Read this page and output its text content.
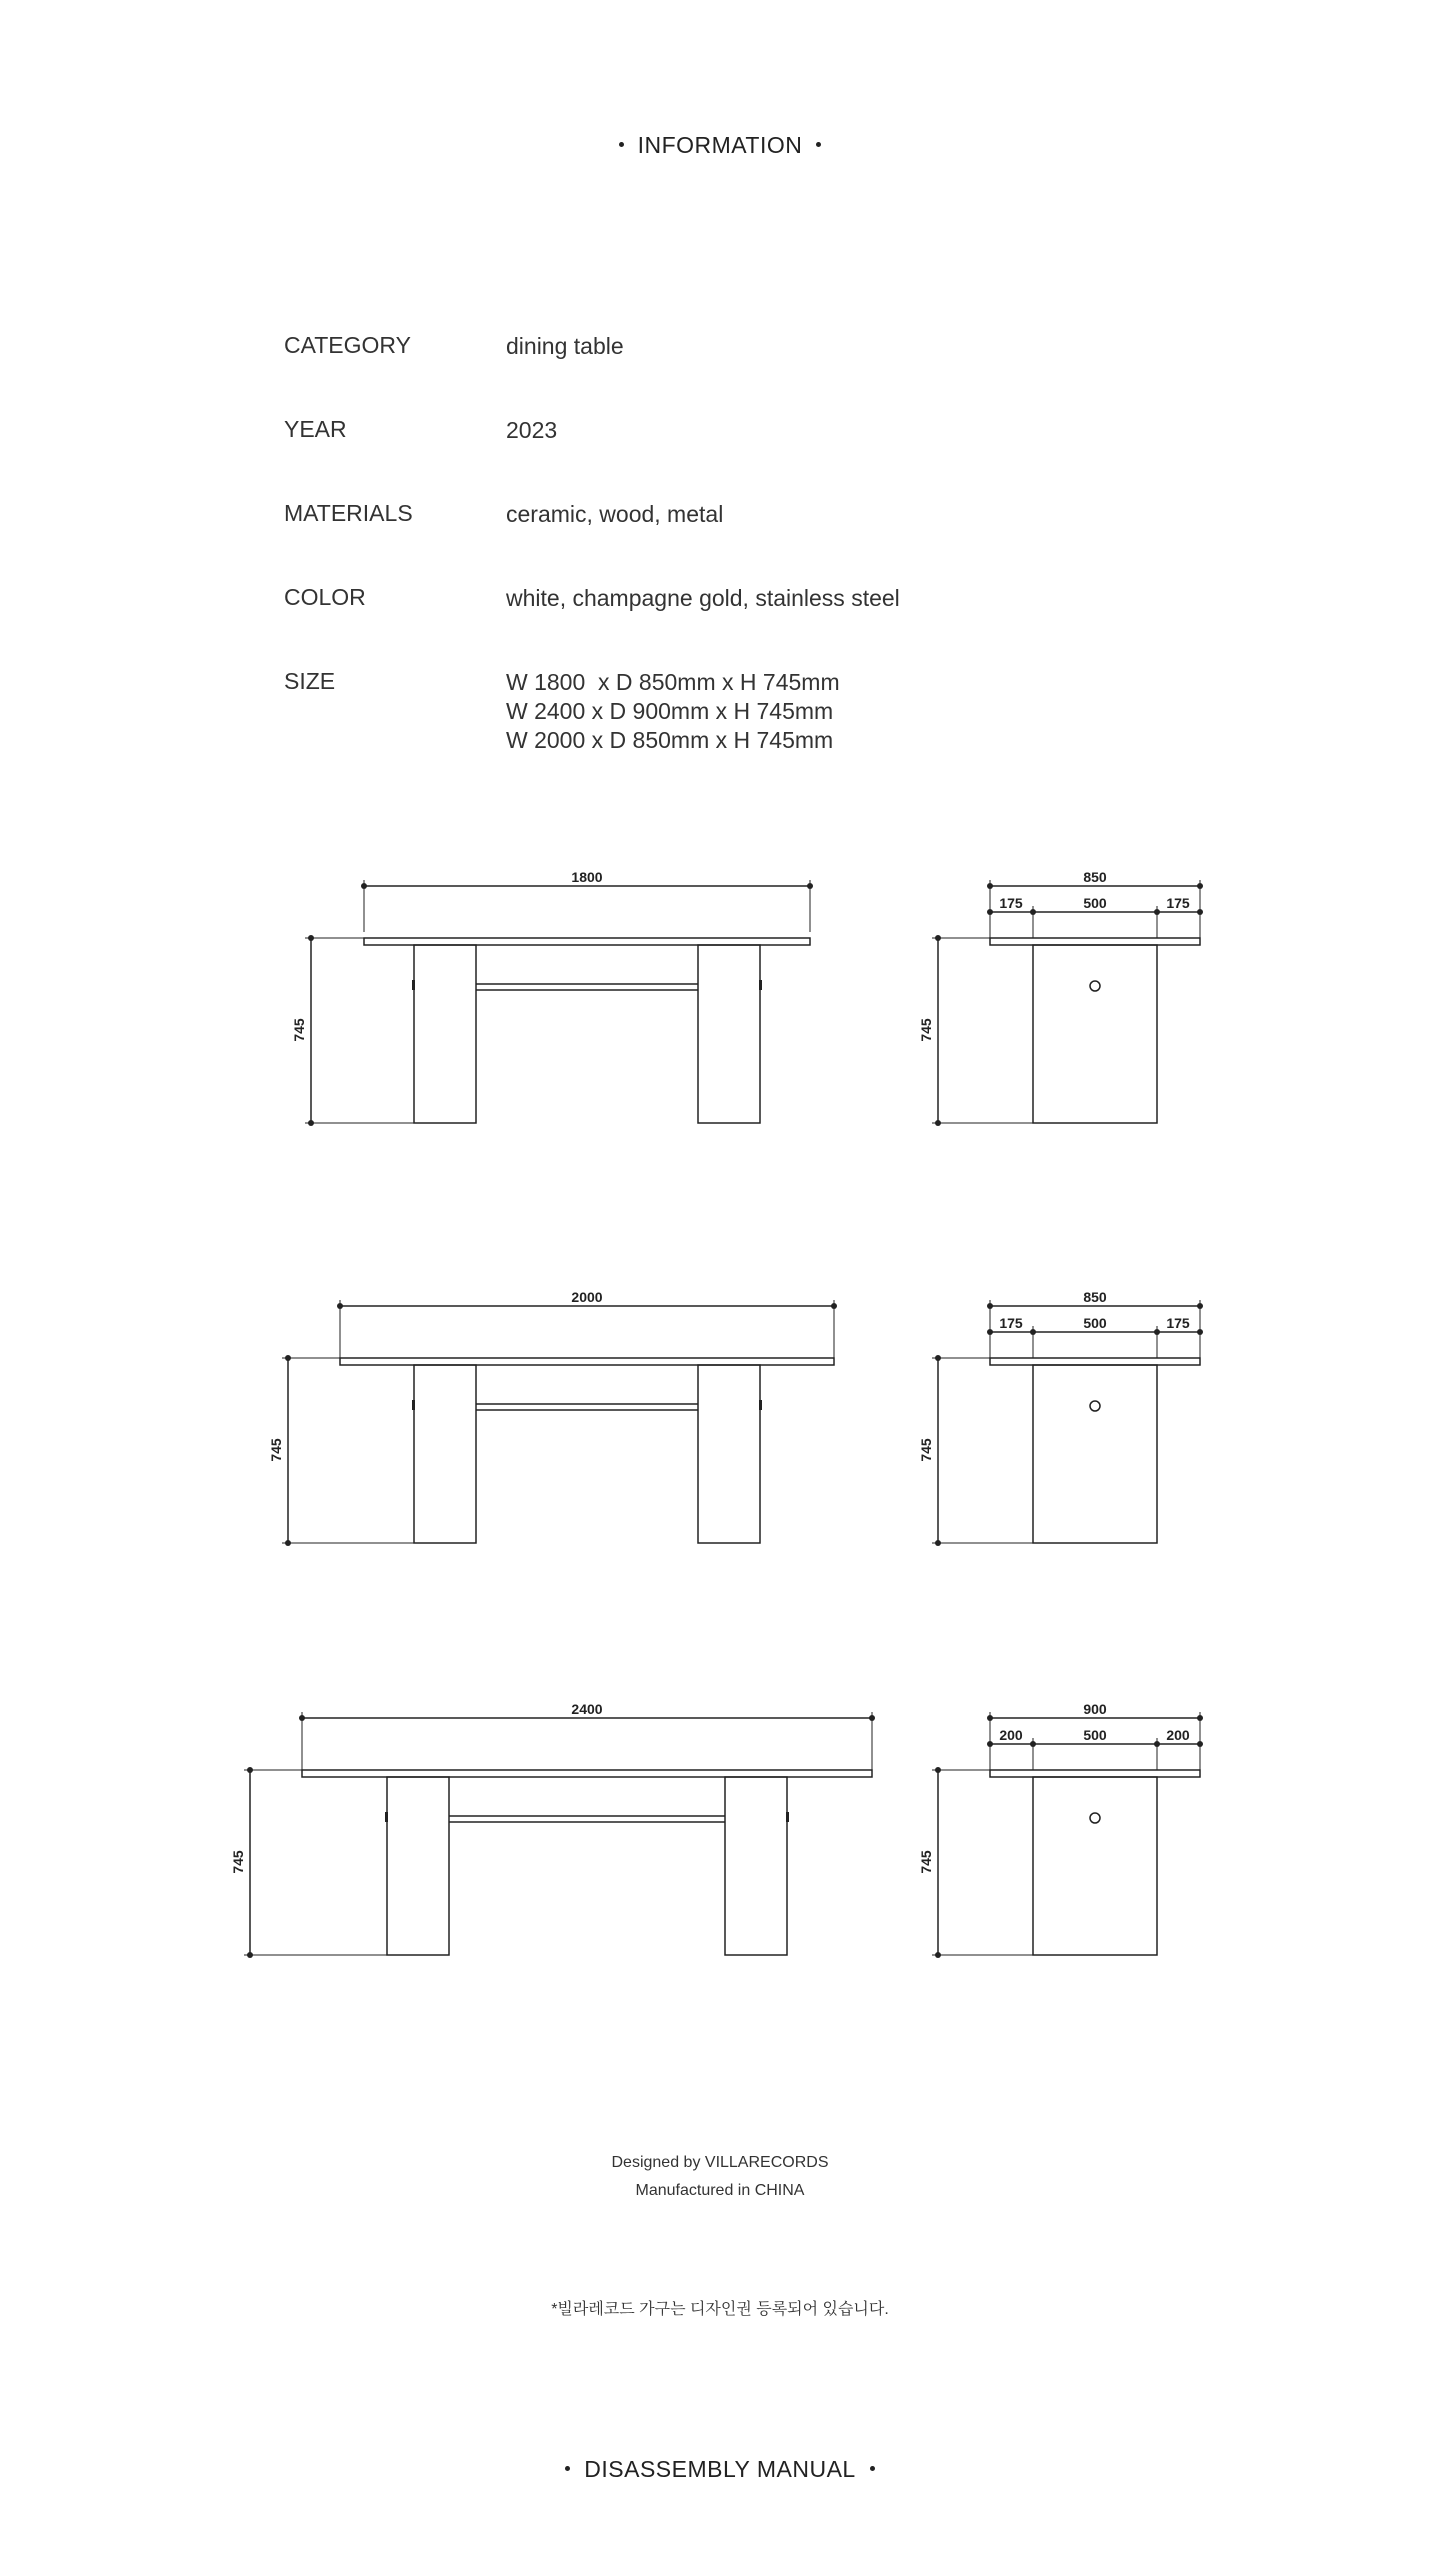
INFORMATION
CATEGORY	dining table
YEAR	2023
MATERIALS	ceramic, wood, metal
COLOR	white, champagne gold, stainless steel
SIZE	W 1800  x D 850mm x H 745mm
W 2400 x D 900mm x H 745mm
W 2000 x D 850mm x H 745mm
1800
745
850
175	500	175
745
2000
745
850
175	500	175
745
2400
745
900
200	500	200
745
Designed by VILLARECORDS
Manufactured in CHINA
*빌라레코드 가구는 디자인권 등록되어 있습니다.
DISASSEMBLY MANUAL
